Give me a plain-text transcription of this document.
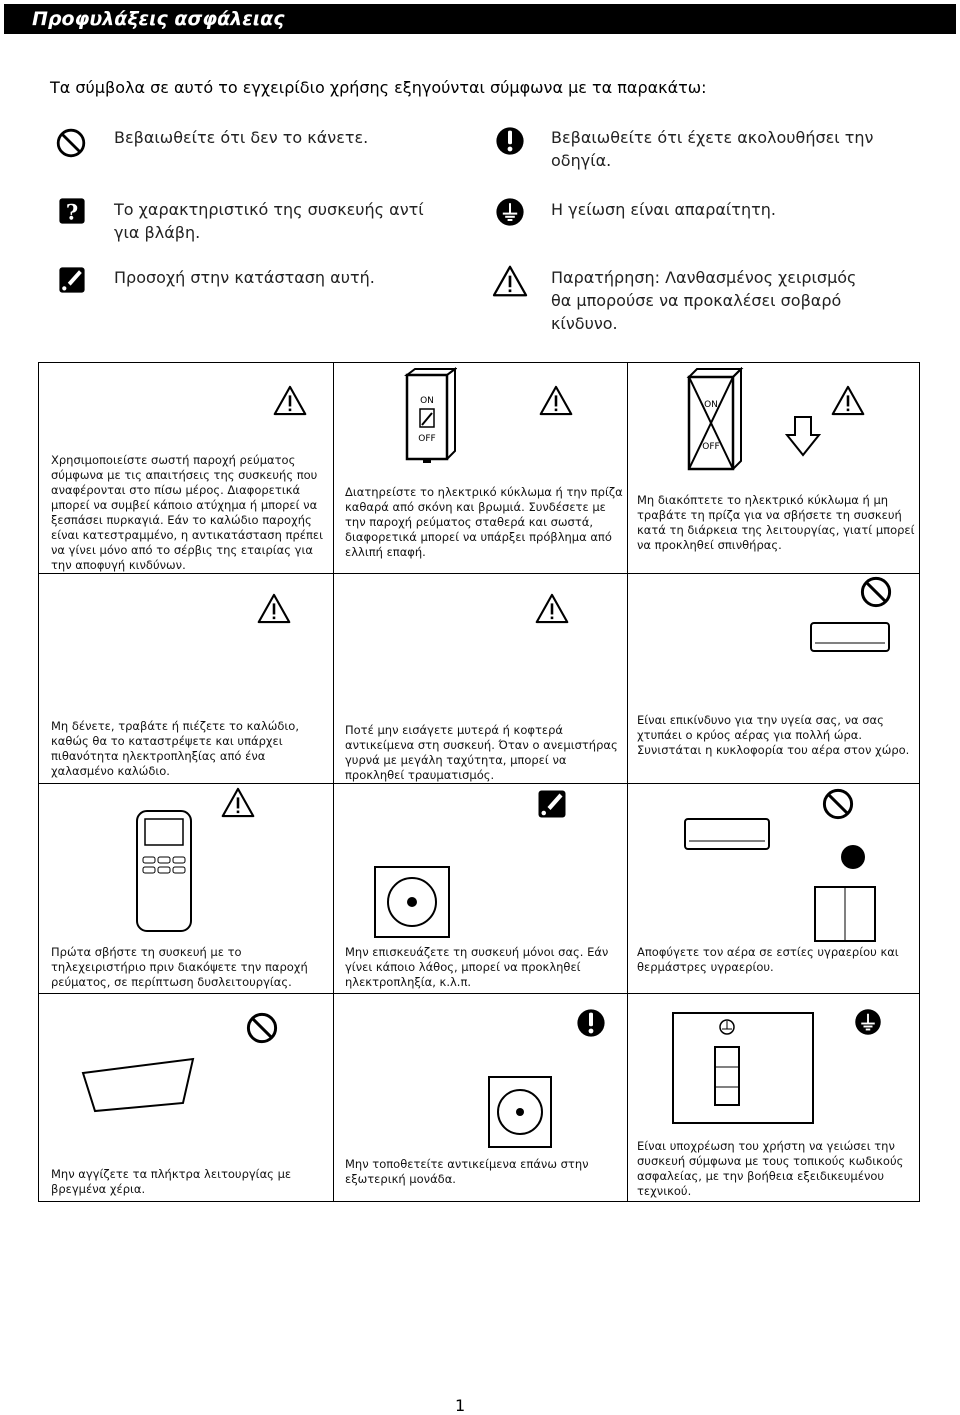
Προφυλάξεις ασφάλειας
Τα σύμβολα σε αυτό το εγχειρίδιο χρήσης εξηγούνται σύμφωνα με τα παρακάτω:
Βεβαιωθείτε ότι δεν το κάνετε.
Το χαρακτηριστικό της συσκευής αντί
για βλάβη.
Προσοχή στην κατάσταση αυτή.
Βεβαιωθείτε ότι έχετε ακολουθήσει την
οδηγία.
Η γείωση είναι απαραίτητη.
Παρατήρηση: Λανθασμένος χειρισμός
θα μπορούσε να προκαλέσει σοβαρό
κίνδυνο.
Χρησιμοποιείστε σωστή παροχή ρεύματος
σύμφωνα με τις απαιτήσεις της συσκευής που
αναφέρονται στο πίσω μέρος. Διαφορετικά
μπορεί να συμβεί κάποιο ατύχημα ή μπορεί να
ξεσπάσει πυρκαγιά. Εάν το καλώδιο παροχής
είναι κατεστραμμένο, η αντικατάσταση πρέπει
να γίνει μόνο από το σέρβις της εταιρίας για
την αποφυγή κινδύνων.
ON
OFF
Διατηρείστε το ηλεκτρικό κύκλωμα ή την πρίζα
καθαρά από σκόνη και βρωμιά. Συνδέσετε με
την παροχή ρεύματος σταθερά και σωστά,
διαφορετικά μπορεί να υπάρξει πρόβλημα από
ελλιπή επαφή.
ON
OFF
Μη διακόπτετε το ηλεκτρικό κύκλωμα ή μη
τραβάτε τη πρίζα για να σβήσετε τη συσκευή
κατά τη διάρκεια της λειτουργίας, γιατί μπορεί
να προκληθεί σπινθήρας.
Μη δένετε, τραβάτε ή πιέζετε το καλώδιο,
καθώς θα το καταστρέψετε και υπάρχει
πιθανότητα ηλεκτροπληξίας από ένα
χαλασμένο καλώδιο.
Ποτέ μην εισάγετε μυτερά ή κοφτερά
αντικείμενα στη συσκευή. Όταν ο ανεμιστήρας
γυρνά με μεγάλη ταχύτητα, μπορεί να
προκληθεί τραυματισμός.
Είναι επικίνδυνο για την υγεία σας, να σας
χτυπάει ο κρύος αέρας για πολλή ώρα.
Συνιστάται η κυκλοφορία του αέρα στον χώρο.
Πρώτα σβήστε τη συσκευή με το
τηλεχειριστήριο πριν διακόψετε την παροχή
ρεύματος, σε περίπτωση δυσλειτουργίας.
Μην επισκευάζετε τη συσκευή μόνοι σας. Εάν
γίνει κάποιο λάθος, μπορεί να προκληθεί
ηλεκτροπληξία, κ.λ.π.
Αποφύγετε τον αέρα σε εστίες υγραερίου και
θερμάστρες υγραερίου.
Μην αγγίζετε τα πλήκτρα λειτουργίας με
βρεγμένα χέρια.
Μην τοποθετείτε αντικείμενα επάνω στην
εξωτερική μονάδα.
Είναι υποχρέωση του χρήστη να γειώσει την
συσκευή σύμφωνα με τους τοπικούς κωδικούς
ασφαλείας, με την βοήθεια εξειδικευμένου
τεχνικού.
1
